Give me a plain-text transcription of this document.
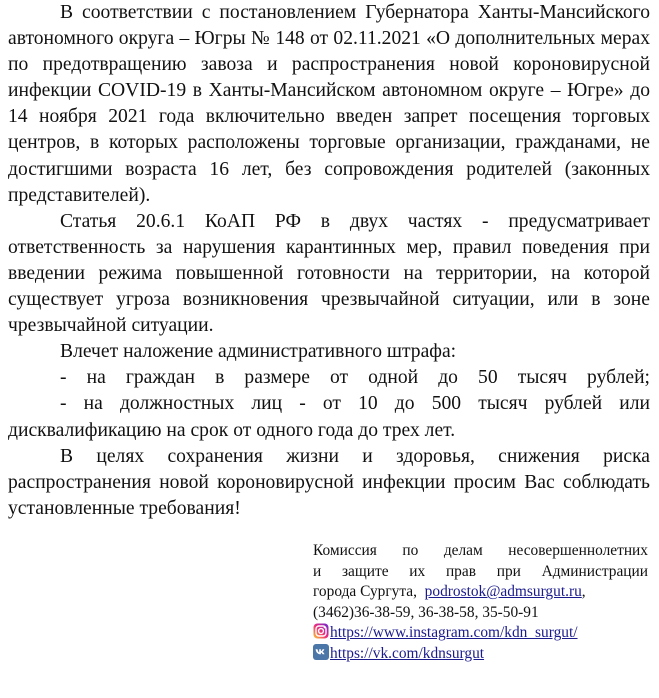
В соответствии с постановлением Губернатора Ханты-Мансийского автономного округа – Югры № 148 от 02.11.2021 «О дополнительных мерах по предотвращению завоза и распространения новой короновирусной инфекции COVID-19 в Ханты-Мансийском автономном округе – Югре» до 14 ноября 2021 года включительно введен запрет посещения торговых центров, в которых расположены торговые организации, гражданами, не достигшими возраста 16 лет, без сопровождения родителей (законных представителей).

Статья 20.6.1 КоАП РФ в двух частях - предусматривает ответственность за нарушения карантинных мер, правил поведения при введении режима повышенной готовности на территории, на которой существует угроза возникновения чрезвычайной ситуации, или в зоне чрезвычайной ситуации.

Влечет наложение административного штрафа:

- на граждан в размере от одной до 50 тысяч рублей;

- на должностных лиц - от 10 до 500 тысяч рублей или дисквалификацию на срок от одного года до трех лет.

В целях сохранения жизни и здоровья, снижения риска распространения новой короновирусной инфекции просим Вас соблюдать установленные требования!

Комиссия по делам несовершеннолетних
и защите их прав при Администрации
города Сургута, podrostok@admsurgut.ru,
(3462)36-38-59, 36-38-58, 35-50-91
https://www.instagram.com/kdn_surgut/
https://vk.com/kdnsurgut
